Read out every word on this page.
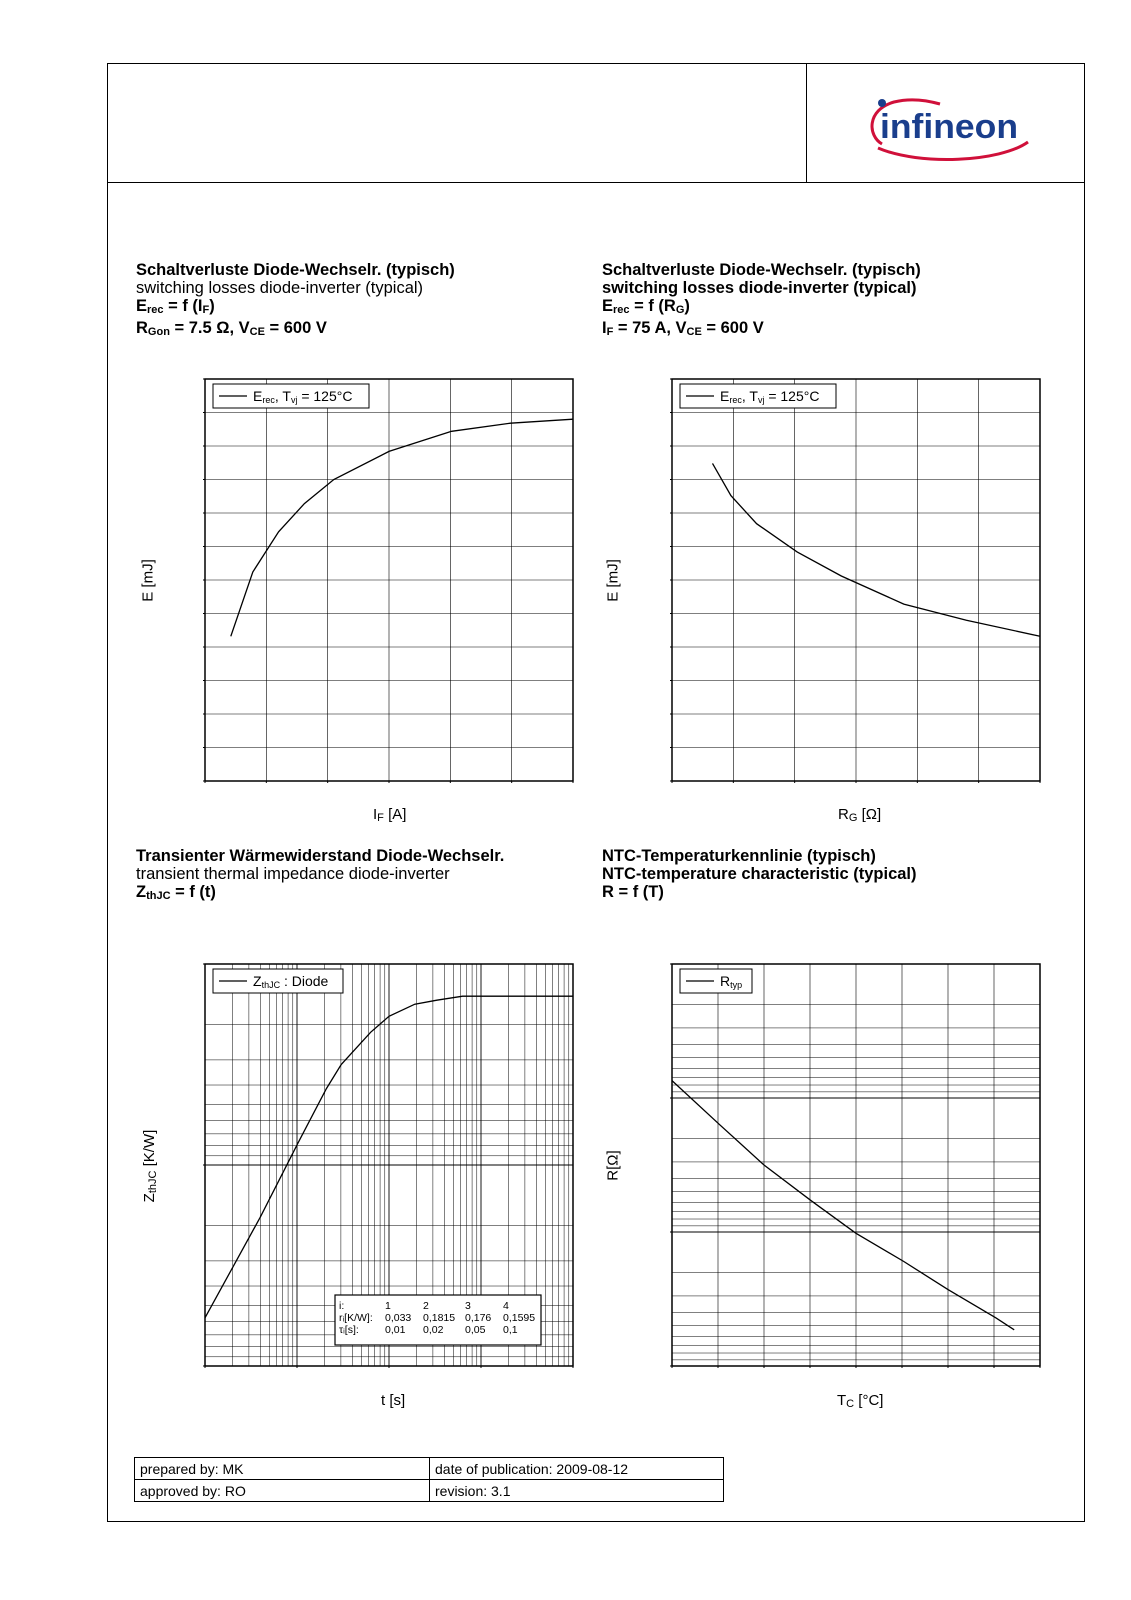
infineon
Schaltverluste Diode-Wechselr. (typisch)
switching losses diode-inverter (typical)
$E_{rec} = f$ $(I_F)$
$R_{Gon} = 7.5$ Ω, $V_{CE} = 600$ V
Schaltverluste Diode-Wechselr. (typisch)
switching losses diode-inverter (typical)
$E_{rec} = f$ $(R_G)$
$I_F = 75$ A, $V_{CE} = 600$ V
Transienter Wärmewiderstand Diode-Wechselr.
transient thermal impedance diode-inverter
$Z_{thJC} = f$ (t)
NTC-Temperaturkennlinie (typisch)
NTC-temperature characteristic (typical)
R = f (T)
Erec, Tvj = 125°C	Erec, Tvj = 125°C
ZthJC : Diode
i:	1	2	3	4
rᵢ[K/W]: 0,033 0,1815 0,176 0,1595
τᵢ[s]: 0,01 0,02 0,05 0,1
Rtyp
$I_F$ [A]	$R_G$ [Ω]
t [s]	$T_C$ [°C]
E [mJ]	E [mJ]
$Z_{thJC}$ [K/W]	R[Ω]
prepared by: MK	date of publication: 2009-08-12
approved by: RO	revision: 3.1
